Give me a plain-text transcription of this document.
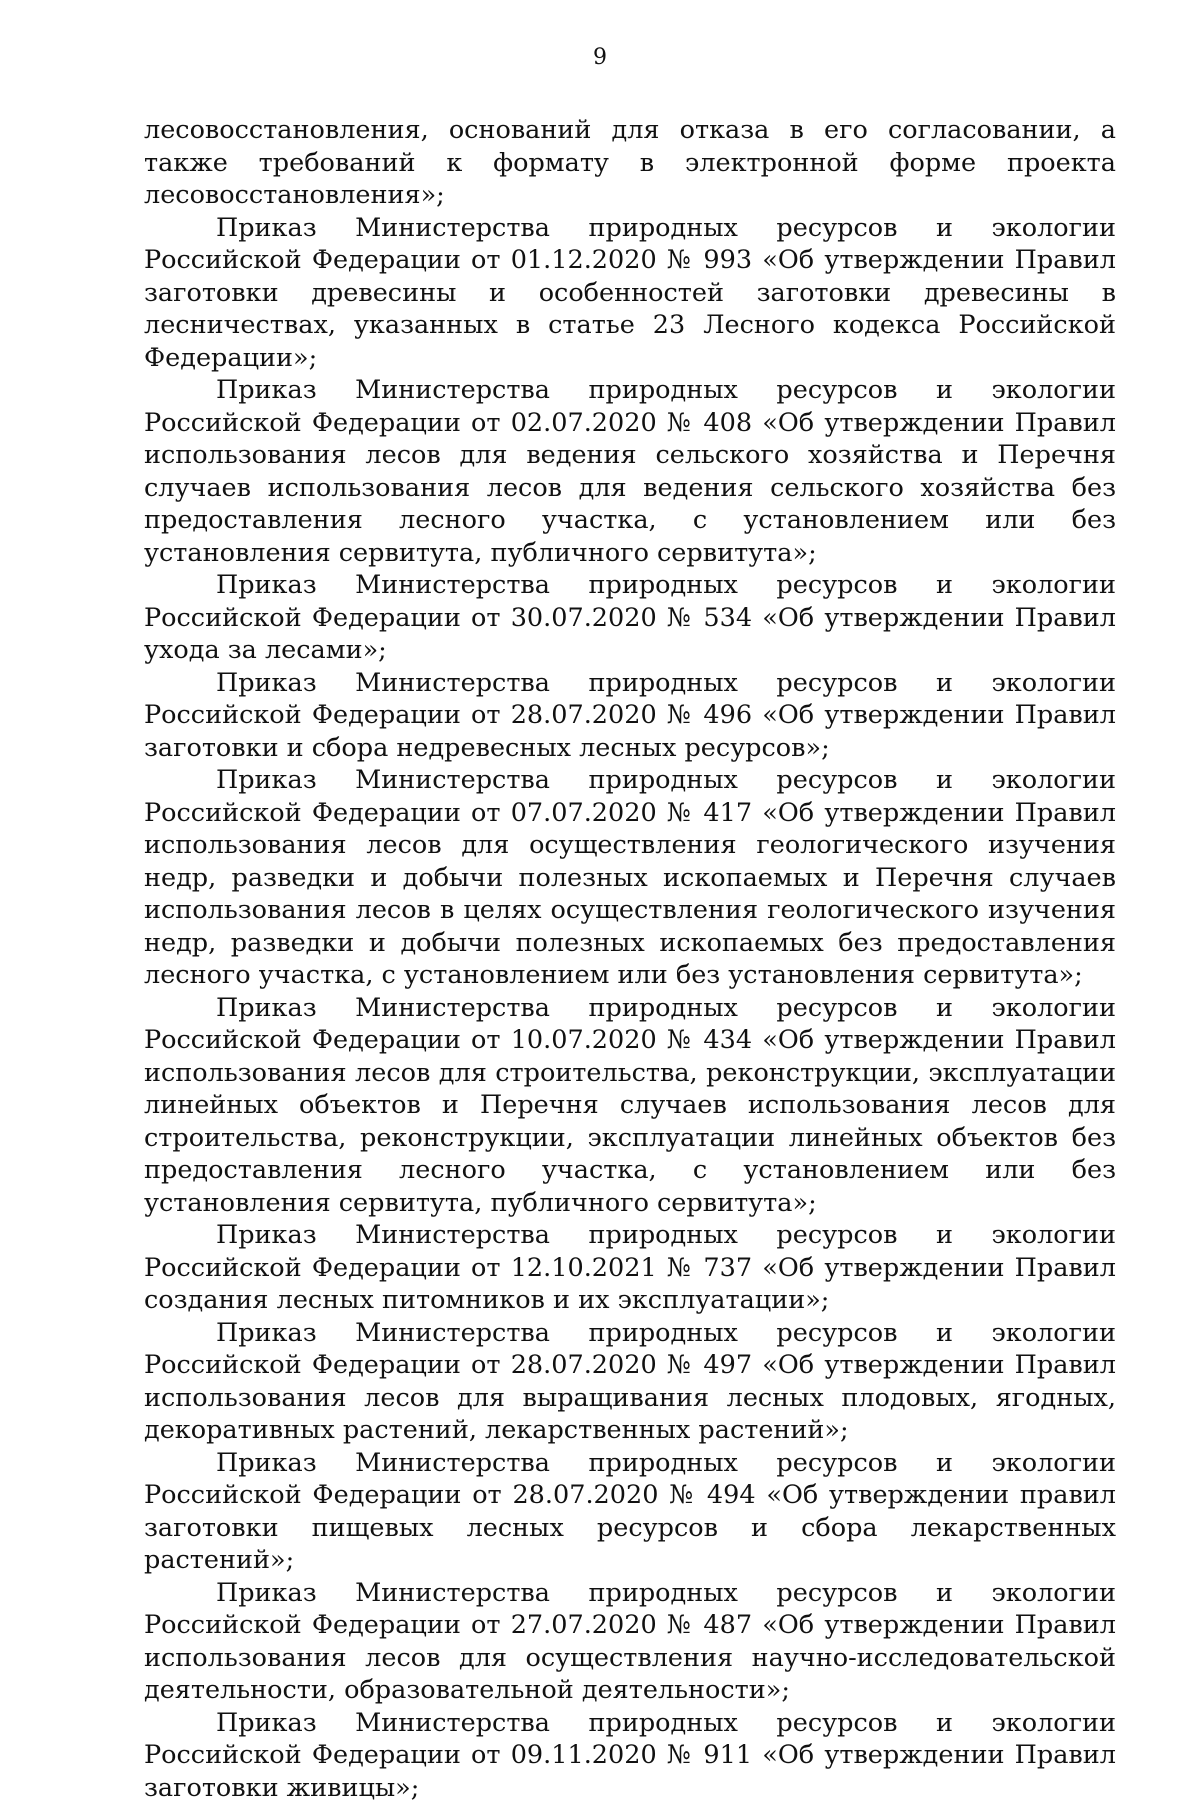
9

лесовосстановления, оснований для отказа в его согласовании, а также требований к формату в электронной форме проекта лесовосстановления»;

Приказ Министерства природных ресурсов и экологии Российской Федерации от 01.12.2020 № 993 «Об утверждении Правил заготовки древесины и особенностей заготовки древесины в лесничествах, указанных в статье 23 Лесного кодекса Российской Федерации»;

Приказ Министерства природных ресурсов и экологии Российской Федерации от 02.07.2020 № 408 «Об утверждении Правил использования лесов для ведения сельского хозяйства и Перечня случаев использования лесов для ведения сельского хозяйства без предоставления лесного участка, с установлением или без установления сервитута, публичного сервитута»;

Приказ Министерства природных ресурсов и экологии Российской Федерации от 30.07.2020 № 534 «Об утверждении Правил ухода за лесами»;

Приказ Министерства природных ресурсов и экологии Российской Федерации от 28.07.2020 № 496 «Об утверждении Правил заготовки и сбора недревесных лесных ресурсов»;

Приказ Министерства природных ресурсов и экологии Российской Федерации от 07.07.2020 № 417 «Об утверждении Правил использования лесов для осуществления геологического изучения недр, разведки и добычи полезных ископаемых и Перечня случаев использования лесов в целях осуществления геологического изучения недр, разведки и добычи полезных ископаемых без предоставления лесного участка, с установлением или без установления сервитута»;

Приказ Министерства природных ресурсов и экологии Российской Федерации от 10.07.2020 № 434 «Об утверждении Правил использования лесов для строительства, реконструкции, эксплуатации линейных объектов и Перечня случаев использования лесов для строительства, реконструкции, эксплуатации линейных объектов без предоставления лесного участка, с установлением или без установления сервитута, публичного сервитута»;

Приказ Министерства природных ресурсов и экологии Российской Федерации от 12.10.2021 № 737 «Об утверждении Правил создания лесных питомников и их эксплуатации»;

Приказ Министерства природных ресурсов и экологии Российской Федерации от 28.07.2020 № 497 «Об утверждении Правил использования лесов для выращивания лесных плодовых, ягодных, декоративных растений, лекарственных растений»;

Приказ Министерства природных ресурсов и экологии Российской Федерации от 28.07.2020 № 494 «Об утверждении правил заготовки пищевых лесных ресурсов и сбора лекарственных растений»;

Приказ Министерства природных ресурсов и экологии Российской Федерации от 27.07.2020 № 487 «Об утверждении Правил использования лесов для осуществления научно-исследовательской деятельности, образовательной деятельности»;

Приказ Министерства природных ресурсов и экологии Российской Федерации от 09.11.2020 № 911 «Об утверждении Правил заготовки живицы»;
